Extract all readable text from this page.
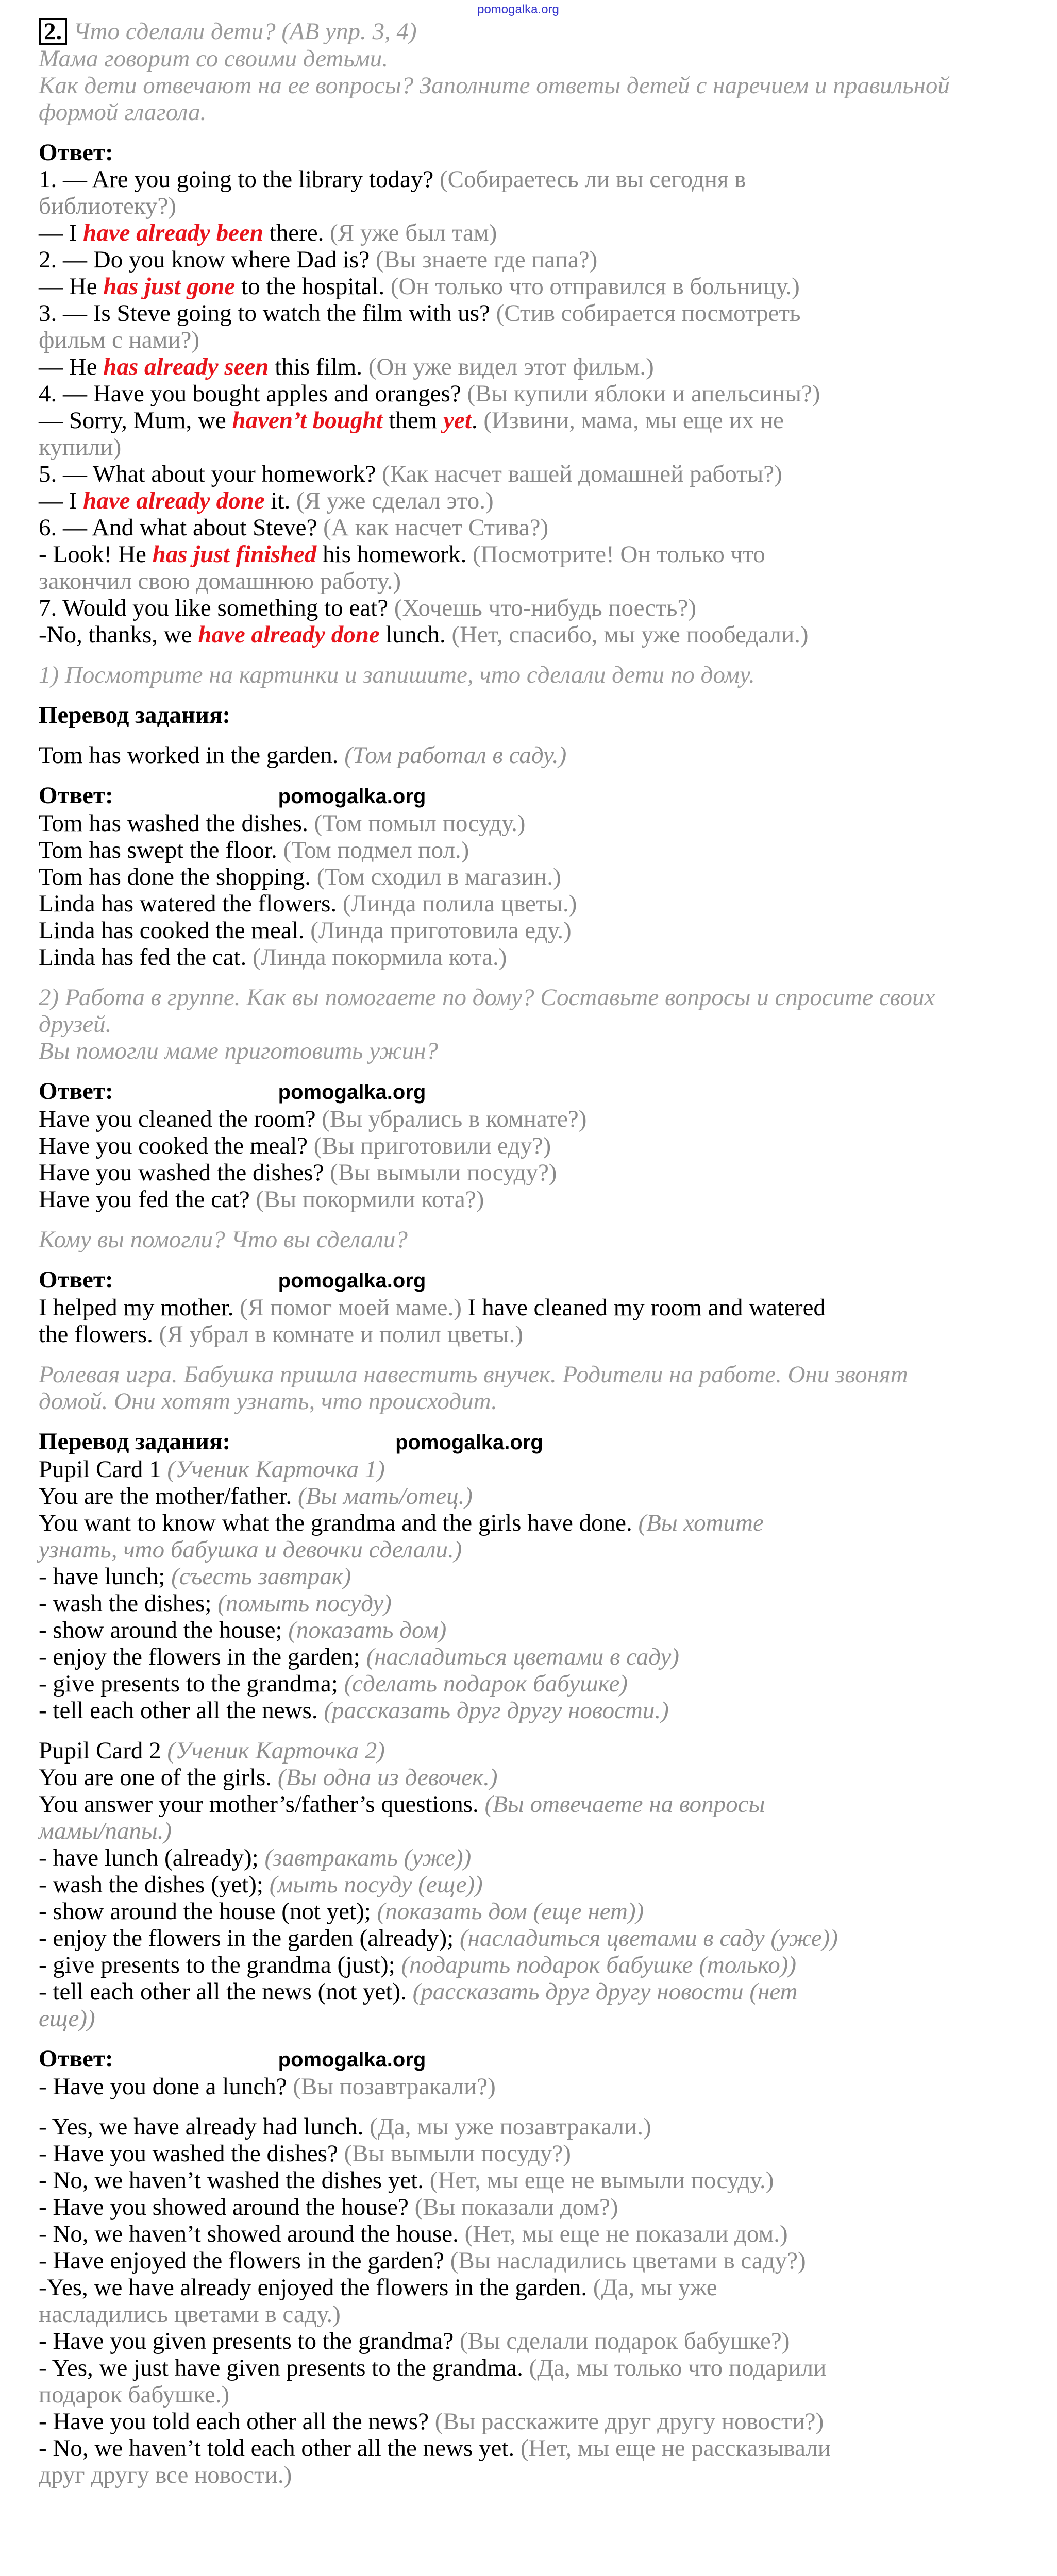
pomogalka.org
2. Что сделали дети? (AB упр. 3, 4)
Мама говорит со своими детьми.
Как дети отвечают на ее вопросы? Заполните ответы детей с наречием и правильной
формой глагола.
Ответ:
1. — Are you going to the library today? (Собираетесь ли вы сегодня в
библиотеку?)
— I have already been there. (Я уже был там)
2. — Do you know where Dad is? (Вы знаете где папа?)
— He has just gone to the hospital. (Он только что отправился в больницу.)
3. — Is Steve going to watch the film with us? (Стив собирается посмотреть
фильм с нами?)
— He has already seen this film. (Он уже видел этот фильм.)
4. — Have you bought apples and oranges? (Вы купили яблоки и апельсины?)
— Sorry, Mum, we haven’t bought them yet. (Извини, мама, мы еще их не
купили)
5. — What about your homework? (Как насчет вашей домашней работы?)
— I have already done it. (Я уже сделал это.)
6. — And what about Steve? (А как насчет Стива?)
- Look! He has just finished his homework. (Посмотрите! Он только что
закончил свою домашнюю работу.)
7. Would you like something to eat? (Хочешь что-нибудь поесть?)
-No, thanks, we have already done lunch. (Нет, спасибо, мы уже пообедали.)
1) Посмотрите на картинки и запишите, что сделали дети по дому.
Перевод задания:
Tom has worked in the garden. (Том работал в саду.)
Ответ:	pomogalka.org
Tom has washed the dishes. (Том помыл посуду.)
Tom has swept the floor. (Том подмел пол.)
Tom has done the shopping. (Том сходил в магазин.)
Linda has watered the flowers. (Линда полила цветы.)
Linda has cooked the meal. (Линда приготовила еду.)
Linda has fed the cat. (Линда покормила кота.)
2) Работа в группе. Как вы помогаете по дому? Составьте вопросы и спросите своих
друзей.
Вы помогли маме приготовить ужин?
Ответ:	pomogalka.org
Have you cleaned the room? (Вы убрались в комнате?)
Have you cooked the meal? (Вы приготовили еду?)
Have you washed the dishes? (Вы вымыли посуду?)
Have you fed the cat? (Вы покормили кота?)
Кому вы помогли? Что вы сделали?
Ответ:	pomogalka.org
I helped my mother. (Я помог моей маме.) I have cleaned my room and watered
the flowers. (Я убрал в комнате и полил цветы.)
Ролевая игра. Бабушка пришла навестить внучек. Родители на работе. Они звонят
домой. Они хотят узнать, что происходит.
Перевод задания:	pomogalka.org
Pupil Card 1 (Ученик Карточка 1)
You are the mother/father. (Вы мать/отец.)
You want to know what the grandma and the girls have done. (Вы хотите
узнать, что бабушка и девочки сделали.)
- have lunch; (съесть завтрак)
- wash the dishes; (помыть посуду)
- show around the house; (показать дом)
- enjoy the flowers in the garden; (насладиться цветами в саду)
- give presents to the grandma; (сделать подарок бабушке)
- tell each other all the news. (рассказать друг другу новости.)
Pupil Card 2 (Ученик Карточка 2)
You are one of the girls. (Вы одна из девочек.)
You answer your mother’s/father’s questions. (Вы отвечаете на вопросы
мамы/папы.)
- have lunch (already); (завтракать (уже))
- wash the dishes (yet); (мыть посуду (еще))
- show around the house (not yet); (показать дом (еще нет))
- enjoy the flowers in the garden (already); (насладиться цветами в саду (уже))
- give presents to the grandma (just); (подарить подарок бабушке (только))
- tell each other all the news (not yet). (рассказать друг другу новости (нет
еще))
Ответ:	pomogalka.org
- Have you done a lunch? (Вы позавтракали?)
- Yes, we have already had lunch. (Да, мы уже позавтракали.)
- Have you washed the dishes? (Вы вымыли посуду?)
- No, we haven’t washed the dishes yet. (Нет, мы еще не вымыли посуду.)
- Have you showed around the house? (Вы показали дом?)
- No, we haven’t showed around the house. (Нет, мы еще не показали дом.)
- Have enjoyed the flowers in the garden? (Вы насладились цветами в саду?)
-Yes, we have already enjoyed the flowers in the garden. (Да, мы уже
насладились цветами в саду.)
- Have you given presents to the grandma? (Вы сделали подарок бабушке?)
- Yes, we just have given presents to the grandma. (Да, мы только что подарили
подарок бабушке.)
- Have you told each other all the news? (Вы расскажите друг другу новости?)
- No, we haven’t told each other all the news yet. (Нет, мы еще не рассказывали
друг другу все новости.)
